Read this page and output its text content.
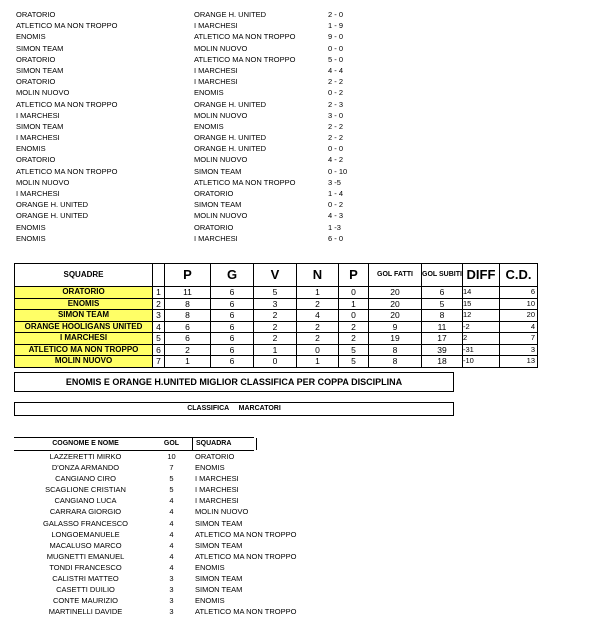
ORATORIO	ORANGE H. UNITED	2 - 0
ATLETICO MA NON TROPPO	I MARCHESI	1 - 9
ENOMIS	ATLETICO MA NON TROPPO	9 - 0
SIMON TEAM	MOLIN NUOVO	0 - 0
ORATORIO	ATLETICO MA NON TROPPO	5 - 0
SIMON TEAM	I MARCHESI	4 - 4
ORATORIO	I MARCHESI	2 - 2
MOLIN NUOVO	ENOMIS	0 - 2
ATLETICO MA NON TROPPO	ORANGE H. UNITED	2 - 3
I MARCHESI	MOLIN NUOVO	3 - 0
SIMON TEAM	ENOMIS	2 - 2
I MARCHESI	ORANGE H. UNITED	2 - 2
ENOMIS	ORANGE H. UNITED	0 - 0
ORATORIO	MOLIN NUOVO	4 - 2
ATLETICO MA NON TROPPO	SIMON TEAM	0 - 10
MOLIN NUOVO	ATLETICO MA NON TROPPO	3 -5
I MARCHESI	ORATORIO	1 - 4
ORANGE H. UNITED	SIMON TEAM	0 - 2
ORANGE H. UNITED	MOLIN NUOVO	4 - 3
ENOMIS	ORATORIO	1 -3
ENOMIS	I MARCHESI	6 - 0
SQUADRE		P	G	V	N	P	GOL FATTI	GOL SUBITI	DIFF	C.D.
ORATORIO	1	11	6	5	1	0	20	6	14	6
ENOMIS	2	8	6	3	2	1	20	5	15	10
SIMON TEAM	3	8	6	2	4	0	20	8	12	20
ORANGE HOOLIGANS UNITED	4	6	6	2	2	2	9	11	-2	4
I MARCHESI	5	6	6	2	2	2	19	17	2	7
ATLETICO MA NON TROPPO	6	2	6	1	0	5	8	39	-31	3
MOLIN NUOVO	7	1	6	0	1	5	8	18	-10	13
ENOMIS E ORANGE H.UNITED MIGLIOR CLASSIFICA PER COPPA DISCIPLINA
CLASSIFICA     MARCATORI
COGNOME E NOME	GOL	SQUADRA
LAZZERETTI MIRKO	10	ORATORIO
D'ONZA ARMANDO	7	ENOMIS
CANGIANO CIRO	5	I MARCHESI
SCAGLIONE CRISTIAN	5	I MARCHESI
CANGIANO LUCA	4	I MARCHESI
CARRARA GIORGIO	4	MOLIN NUOVO
GALASSO FRANCESCO	4	SIMON TEAM
LONGOEMANUELE	4	ATLETICO MA NON TROPPO
MACALUSO MARCO	4	SIMON TEAM
MUGNETTI EMANUEL	4	ATLETICO MA NON TROPPO
TONDI FRANCESCO	4	ENOMIS
CALISTRI MATTEO	3	SIMON TEAM
CASETTI DUILIO	3	SIMON TEAM
CONTE MAURIZIO	3	ENOMIS
MARTINELLI DAVIDE	3	ATLETICO MA NON TROPPO
